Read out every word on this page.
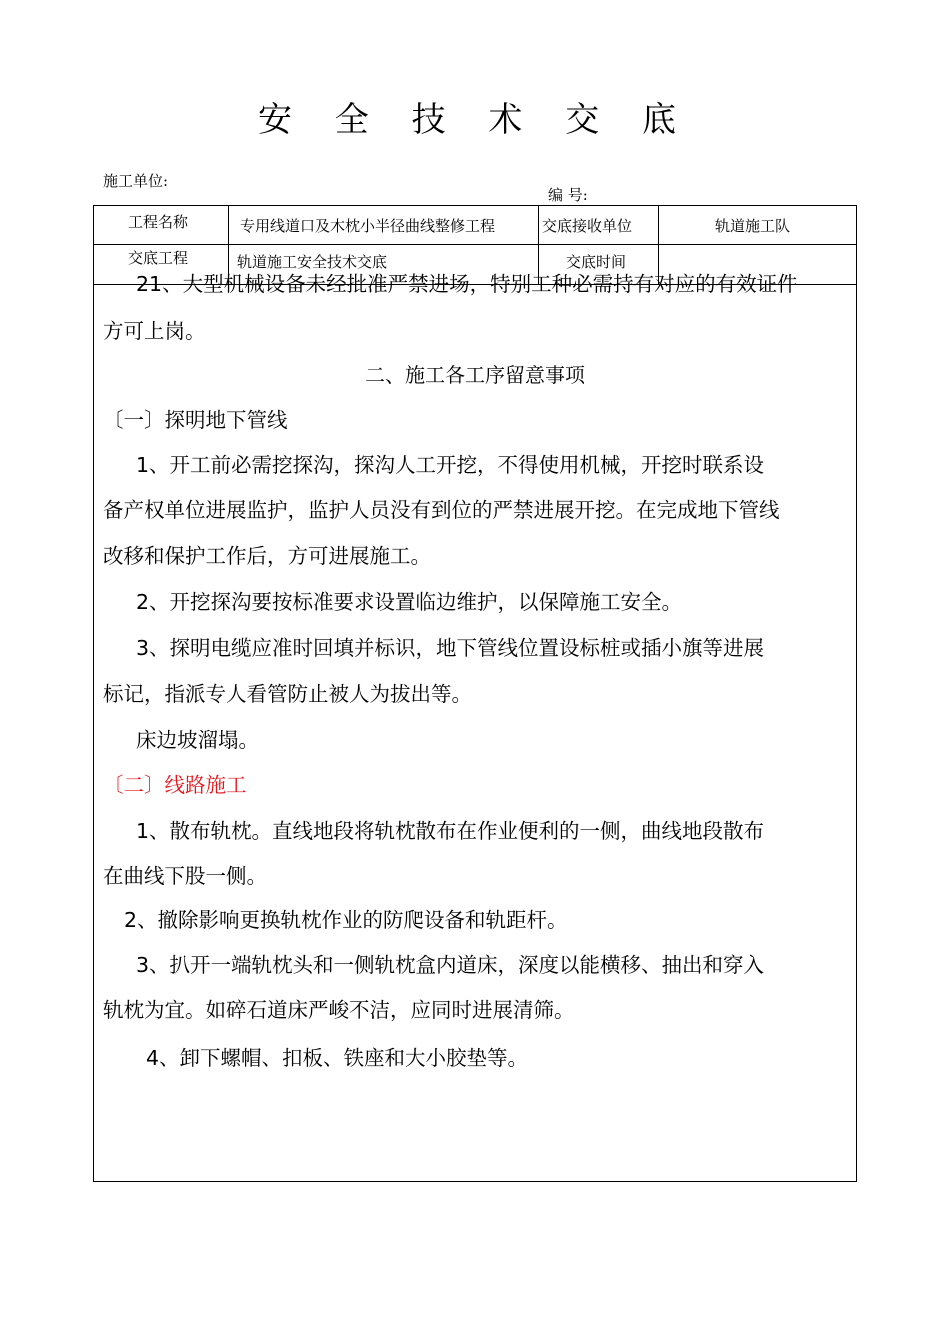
安 全 技 术 交 底
施工单位:
编 号:
工程名称	专用线道口及木枕小半径曲线整修工程	交底接收单位	轨道施工队
交底工程	轨道施工安全技术交底	交底时间
21、大型机械设备未经批准严禁进场，特别工种必需持有对应的有效证件
方可上岗。
二、施工各工序留意事项
〔一〕探明地下管线
1、开工前必需挖探沟，探沟人工开挖，不得使用机械，开挖时联系设
备产权单位进展监护，监护人员没有到位的严禁进展开挖。在完成地下管线
改移和保护工作后，方可进展施工。
2、开挖探沟要按标准要求设置临边维护，以保障施工安全。
3、探明电缆应准时回填并标识，地下管线位置设标桩或插小旗等进展
标记，指派专人看管防止被人为拔出等。
床边坡溜塌。
〔二〕线路施工
1、散布轨枕。直线地段将轨枕散布在作业便利的一侧，曲线地段散布
在曲线下股一侧。
2、撤除影响更换轨枕作业的防爬设备和轨距杆。
3、扒开一端轨枕头和一侧轨枕盒内道床，深度以能横移、抽出和穿入
轨枕为宜。如碎石道床严峻不洁，应同时进展清筛。
4、卸下螺帽、扣板、铁座和大小胶垫等。
